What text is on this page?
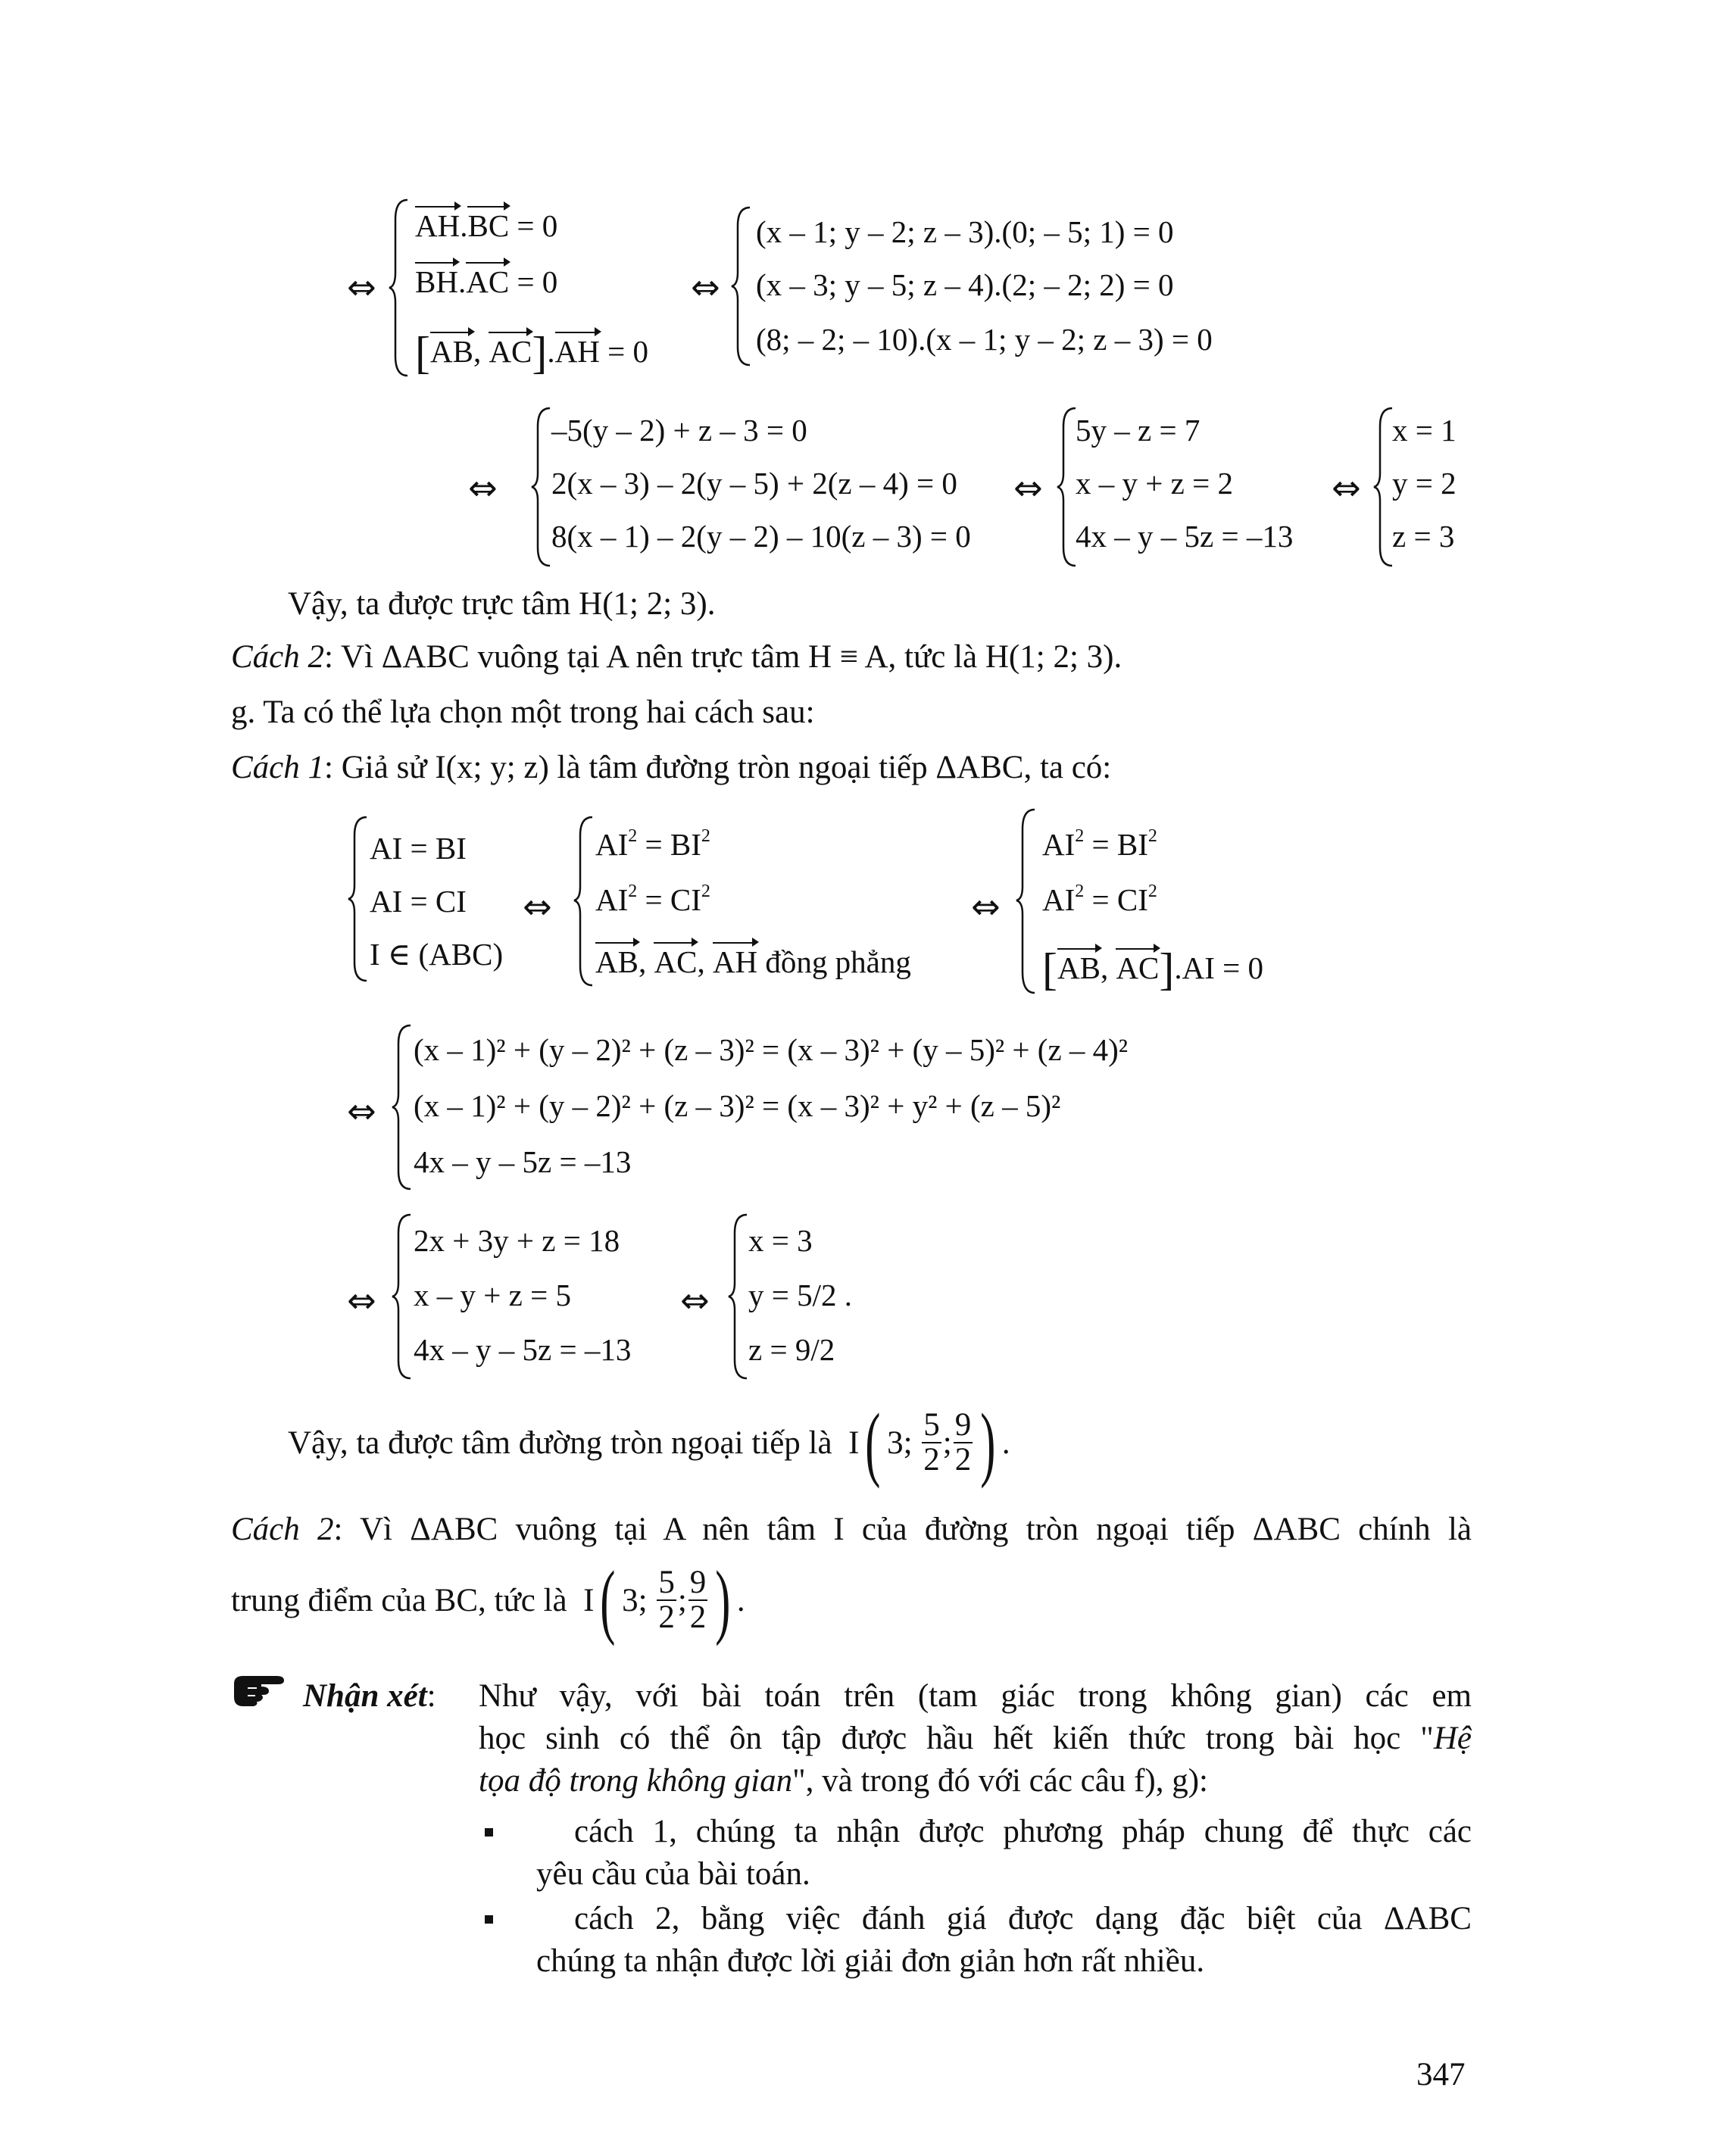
⇔
AH.BC = 0
BH.AC = 0
[AB, AC].AH = 0
⇔
(x – 1; y – 2; z – 3).(0; – 5; 1) = 0
(x – 3; y – 5; z – 4).(2; – 2; 2) = 0
(8; – 2; – 10).(x – 1; y – 2; z – 3) = 0
⇔
–5(y – 2) + z – 3 = 0
2(x – 3) – 2(y – 5) + 2(z – 4) = 0
8(x – 1) – 2(y – 2) – 10(z – 3) = 0
⇔
5y – z = 7
x – y + z = 2
4x – y – 5z = –13
⇔
x = 1
y = 2
z = 3
Vậy, ta được trực tâm H(1; 2; 3).
Cách 2: Vì ΔABC vuông tại A nên trực tâm H ≡ A, tức là H(1; 2; 3).
g. Ta có thể lựa chọn một trong hai cách sau:
Cách 1: Giả sử I(x; y; z) là tâm đường tròn ngoại tiếp ΔABC, ta có:
AI = BI
AI = CI
I ∈ (ABC)
⇔
$AI^2 = BI^2$
$AI^2 = CI^2$
AB, AC, AH đồng phẳng
⇔
$AI^2 = BI^2$
$AI^2 = CI^2$
[AB, AC].AI = 0
⇔
(x – 1)² + (y – 2)² + (z – 3)² = (x – 3)² + (y – 5)² + (z – 4)²
(x – 1)² + (y – 2)² + (z – 3)² = (x – 3)² + y² + (z – 5)²
4x – y – 5z = –13
⇔
2x + 3y + z = 18
x – y + z = 5
4x – y – 5z = –13
⇔
x = 3
y = 5/2 .
z = 9/2
Vậy, ta được tâm đường tròn ngoại tiếp là
I ( 3 ; $\frac{5}{2}$ ; $\frac{9}{2}$ ) .
Cách 2: Vì ΔABC vuông tại A nên tâm I của đường tròn ngoại tiếp ΔABC chính là
trung điểm của BC, tức là
I ( 3 ; $\frac{5}{2}$ ; $\frac{9}{2}$ ) .
Nhận xét: Như vậy, với bài toán trên (tam giác trong không gian) các em
học sinh có thể ôn tập được hầu hết kiến thức trong bài học "Hệ
tọa độ trong không gian", và trong đó với các câu f), g):
cách 1, chúng ta nhận được phương pháp chung để thực các
yêu cầu của bài toán.
cách 2, bằng việc đánh giá được dạng đặc biệt của ΔABC
chúng ta nhận được lời giải đơn giản hơn rất nhiều.
347
